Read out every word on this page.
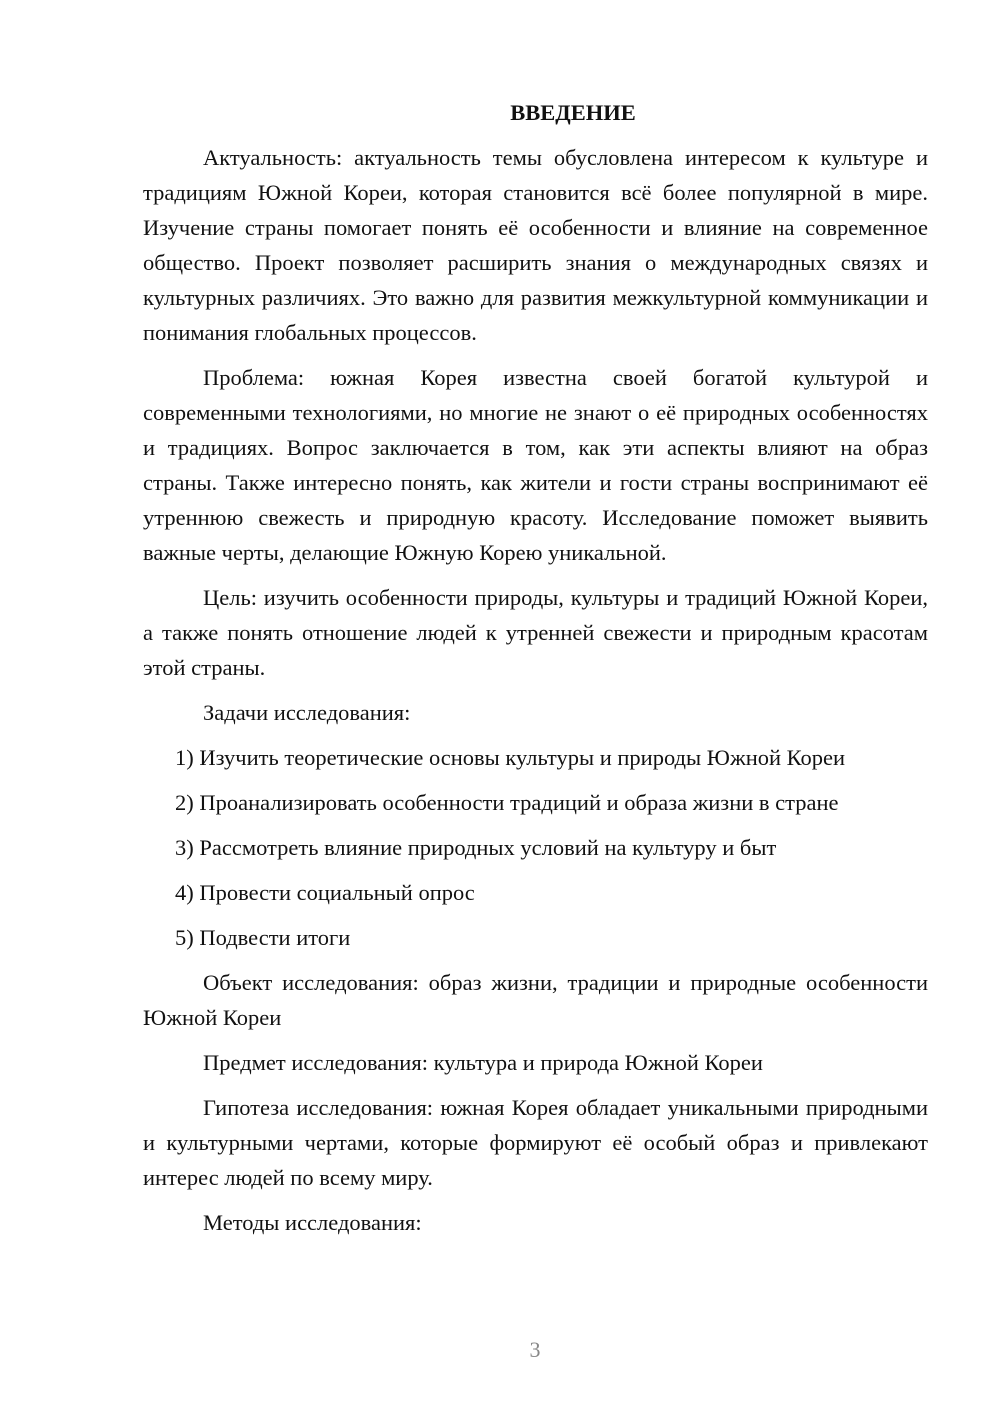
ВВЕДЕНИЕ

Актуальность: актуальность темы обусловлена интересом к культуре и традициям Южной Кореи, которая становится всё более популярной в мире. Изучение страны помогает понять её особенности и влияние на современное общество. Проект позволяет расширить знания о международных связях и культурных различиях. Это важно для развития межкультурной коммуникации и понимания глобальных процессов.

Проблема: южная Корея известна своей богатой культурой и современными технологиями, но многие не знают о её природных особенностях и традициях. Вопрос заключается в том, как эти аспекты влияют на образ страны. Также интересно понять, как жители и гости страны воспринимают её утреннюю свежесть и природную красоту. Исследование поможет выявить важные черты, делающие Южную Корею уникальной.

Цель: изучить особенности природы, культуры и традиций Южной Кореи, а также понять отношение людей к утренней свежести и природным красотам этой страны.

Задачи исследования:

1) Изучить теоретические основы культуры и природы Южной Кореи
2) Проанализировать особенности традиций и образа жизни в стране
3) Рассмотреть влияние природных условий на культуру и быт
4) Провести социальный опрос
5) Подвести итоги

Объект исследования: образ жизни, традиции и природные особенности Южной Кореи

Предмет исследования: культура и природа Южной Кореи

Гипотеза исследования: южная Корея обладает уникальными природными и культурными чертами, которые формируют её особый образ и привлекают интерес людей по всему миру.

Методы исследования:

3
